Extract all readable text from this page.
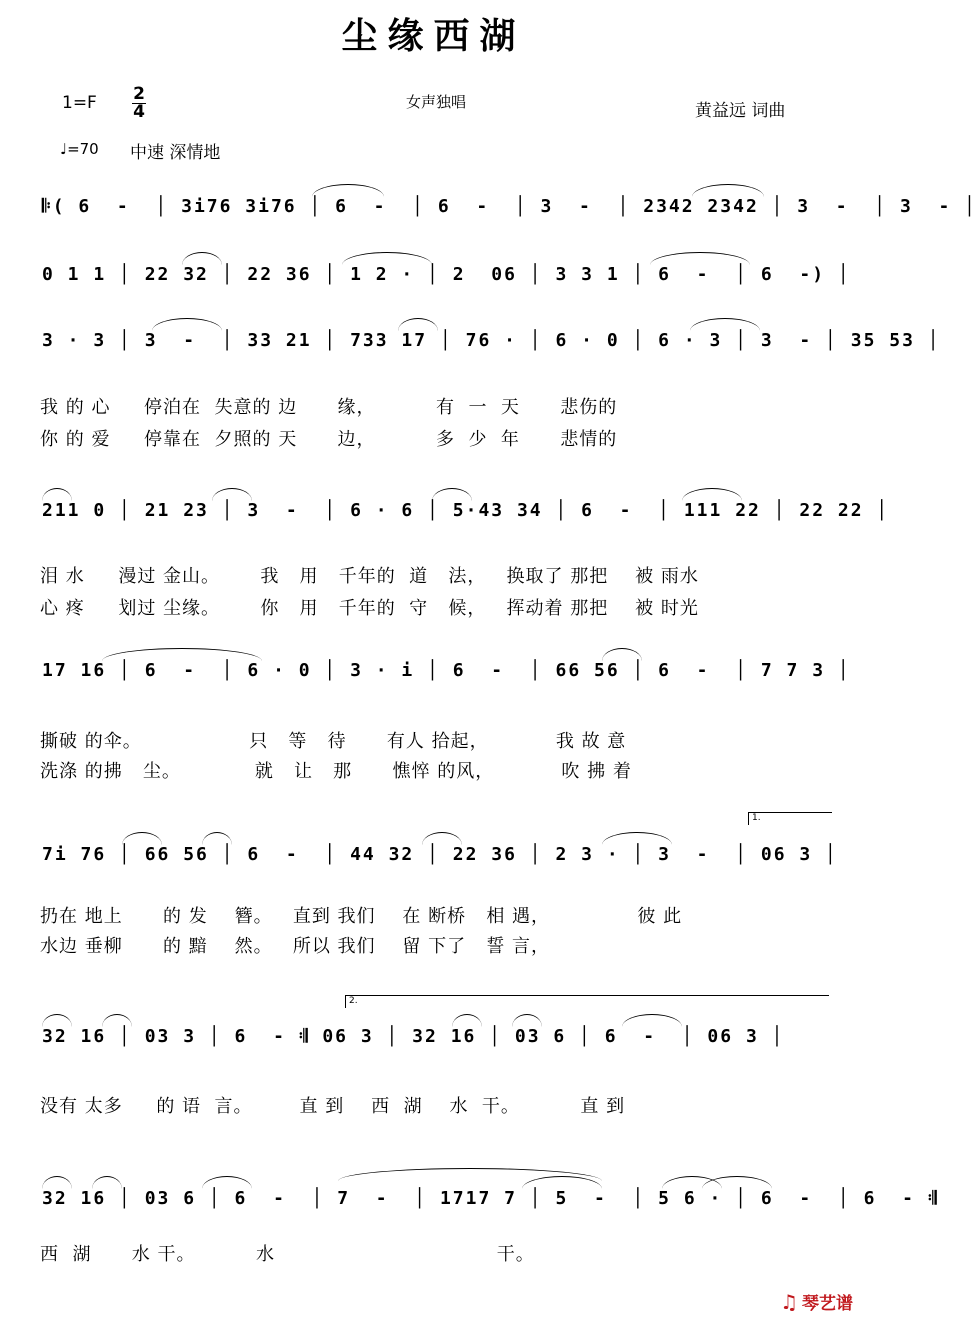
尘缘西湖
1=F 2
4	女声独唱	黄益远 词曲
♩=70 中速 深情地
𝄆( 6  -  │ 3i76 3i76 │ 6  -  │ 6  -  │ 3  -  │ 2342 2342 │ 3  -  │ 3  - │
0 1 1 │ 22 32 │ 22 36 │ 1 2 · │ 2  06 │ 3 3 1 │ 6  -  │ 6  -) │
3 · 3 │ 3  -  │ 33 21 │ 733 17 │ 76 · │ 6 · 0 │ 6 · 3 │ 3  - │ 35 53 │
我 的 心     停泊在  失意的 边      缘，         有  一  天      悲伤的
你 的 爱     停靠在  夕照的 天      边，         多  少  年      悲情的
211 0 │ 21 23 │ 3  -  │ 6 · 6 │ 5·43 34 │ 6  -  │ 111 22 │ 22 22 │
泪 水     漫过 金山。      我   用   千年的  道   法，   换取了 那把    被 雨水
心 疼     划过 尘缘。      你   用   千年的  守   候，   挥动着 那把    被 时光
17 16 │ 6  -  │ 6 · 0 │ 3 · i │ 6  -  │ 66 56 │ 6  -  │ 7 7 3 │
撕破 的伞。                只   等   待      有人 拾起，          我 故 意
洗涤 的拂   尘。           就   让   那      憔悴 的风，          吹 拂 着
1.
7i 76 │ 66 56 │ 6  -  │ 44 32 │ 22 36 │ 2 3 · │ 3  -  │ 06 3 │
扔在 地上      的 发    簪。   直到 我们    在 断桥   相 遇，             彼 此
水边 垂柳      的 黯    然。   所以 我们    留 下了   誓 言，
2.
32 16 │ 03 3 │ 6  - 𝄇 06 3 │ 32 16 │ 03 6 │ 6  -  │ 06 3 │
没有 太多     的 语  言。       直 到    西  湖    水  干。         直 到
32 16 │ 03 6 │ 6  -  │ 7  -  │ 1717 7 │ 5  -  │ 5 6 · │ 6  -  │ 6  - 𝄇
西  湖      水 干。         水                                 干。
♫ 琴艺谱
